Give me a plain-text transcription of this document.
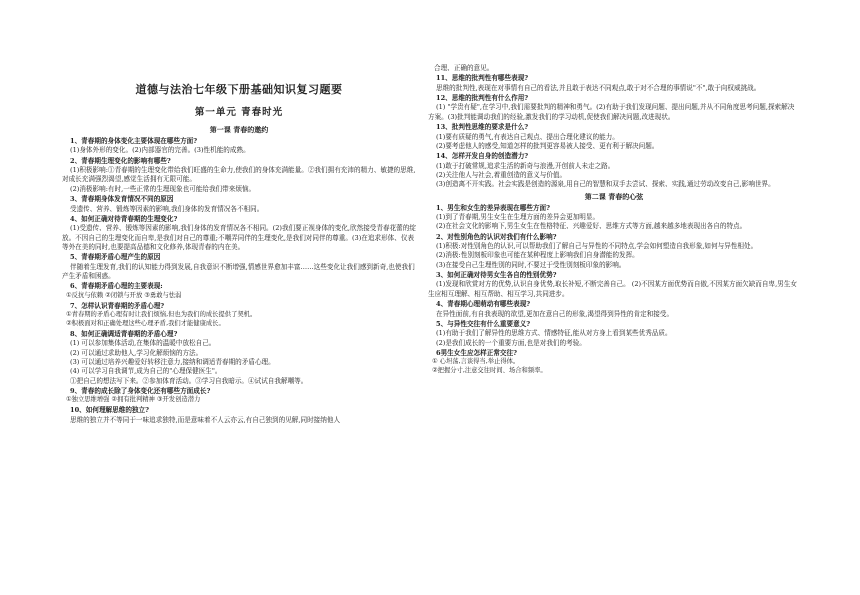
道德与法治七年级下册基础知识复习题要
第一单元 青春时光
第一课 青春的邀约

1、青春期的身体变化主要体现在哪些方面?

(1)身体外形的变化。(2)内部器官的完善。(3)性机能的成熟。

2、青春期生理变化的影响有哪些?

(1)积极影响:①青春期的生理变化带给我们旺盛的生命力,使我们的身体充满能量。②我们拥有充沛的精力、敏捷的思维,对成长充满强烈渴望,感觉生活拥有无限可能。

(2)消极影响:有时,一些正常的生理现象也可能给我们带来烦恼。

3、青春期身体发育情况不同的原因

受遗传、营养、锻炼等因素的影响,我们身体的发育情况各不相同。

4、如何正确对待青春期的生理变化?

(1)受遗传、营养、锻炼等因素的影响,我们身体的发育情况各不相同。(2)我们要正视身体的变化,欣然接受青春花蕾的绽放。不因自己的生理变化而自卑,是我们对自己的尊重;不嘲弄同伴的生理变化,是我们对同伴的尊重。(3)在追求形体、仪表等外在美的同时,也要提高品德和文化修养,体现青春的内在美。

5、青春期矛盾心理产生的原因

伴随着生理发育,我们的认知能力得到发展,自我意识不断增强,情感世界愈加丰富……这些变化让我们感到新奇,也使我们产生矛盾和困惑。

6、青春期矛盾心理的主要表现:

①反抗与依赖 ②闭锁与开放 ③勇敢与怯弱

7、怎样认识青春期的矛盾心理?

①青春期的矛盾心理有时让我们烦恼,但也为我们的成长提供了契机。

②积极面对和正确处理这些心理矛盾,我们才能健康成长。

8、如何正确调适青春期的矛盾心理?

(1) 可以参加集体活动,在集体的温暖中放松自己。

(2) 可以通过求助他人,学习化解烦恼的方法。

(3) 可以通过培养兴趣爱好转移注意力,接纳和调适青春期的矛盾心理。

(4) 可以学习自我调节,成为自己的"心理保健医生"。

①把自己的想法写下来。②参加体育活动。③学习自我暗示。④试试自我解嘲等。

9、青春的成长除了身体变化还有哪些方面成长?

①独立思维增强 ②拥有批判精神 ③开发创造潜力

10、如何理解思维的独立?

思维的独立并不等同于一味追求独特,而是意味着不人云亦云,有自己独到的见解,同时接纳他人

合理、正确的意见。

11、思维的批判性有哪些表现?

思维的批判性,表现在对事情有自己的看法,并且敢于表达不同观点,敢于对不合理的事情说"不",敢于向权威挑战。

12、思维的批判性有什么作用?

(1) "学贵有疑",在学习中,我们需要批判的精神和勇气。(2)有助于我们发现问题、提出问题,并从不同角度思考问题,探索解决方案。(3)批判能调动我们的经验,激发我们的学习动机,促使我们解决问题,改进现状。

13、批判性思维的要求是什么?

(1)要有质疑的勇气,有表达自己观点、提出合理化建议的能力。

(2)要考虑他人的感受,知道怎样的批判更容易被人接受、更有利于解决问题。

14、怎样开发自身的创造潜力?

(1)敢于打破常规,追求生活的新奇与浪漫,开创前人未走之路。

(2)关注他人与社会,着重创造的意义与价值。

(3)创造离不开实践。社会实践是创造的源泉,用自己的智慧和双手去尝试、探索、实践,通过劳动改变自己,影响世界。

第二课 青春的心弦

1、男生和女生的差异表现在哪些方面?

(1)到了青春期,男生女生在生理方面的差异会更加明显。

(2)在社会文化的影响下,男生女生在性格特征、兴趣爱好、思维方式等方面,越来越多地表现出各自的特点。

2、对性别角色的认识对我们有什么影响?

(1)积极:对性别角色的认识,可以帮助我们了解自己与异性的不同特点,学会如何塑造自我形象,如何与异性相处。

(2)消极:性别刻板印象也可能在某种程度上影响我们自身潜能的发挥。

(3)在接受自己生理性别的同时,不要过于受性别刻板印象的影响。

3、如何正确对待男女生各自的性别优势?

(1)发现和欣赏对方的优势,认识自身优势,取长补短,不断完善自己。 (2)不因某方面优势而自傲,不因某方面欠缺而自卑,男生女生应相互理解、相互帮助、相互学习,共同进步。

4、青春期心理萌动有哪些表现?

在异性面前,有自我表现的欲望,更加在意自己的形象,渴望得到异性的肯定和接受。

5、与异性交往有什么重要意义?

(1)有助于我们了解异性的思维方式、情感特征,能从对方身上看到某些优秀品质。

(2)是我们成长的一个重要方面,也是对我们的考验。

6男生女生应怎样正常交往?

① 心坦荡,言谈得当,举止得体。

②把握分寸,注意交往时间、场合和频率。
